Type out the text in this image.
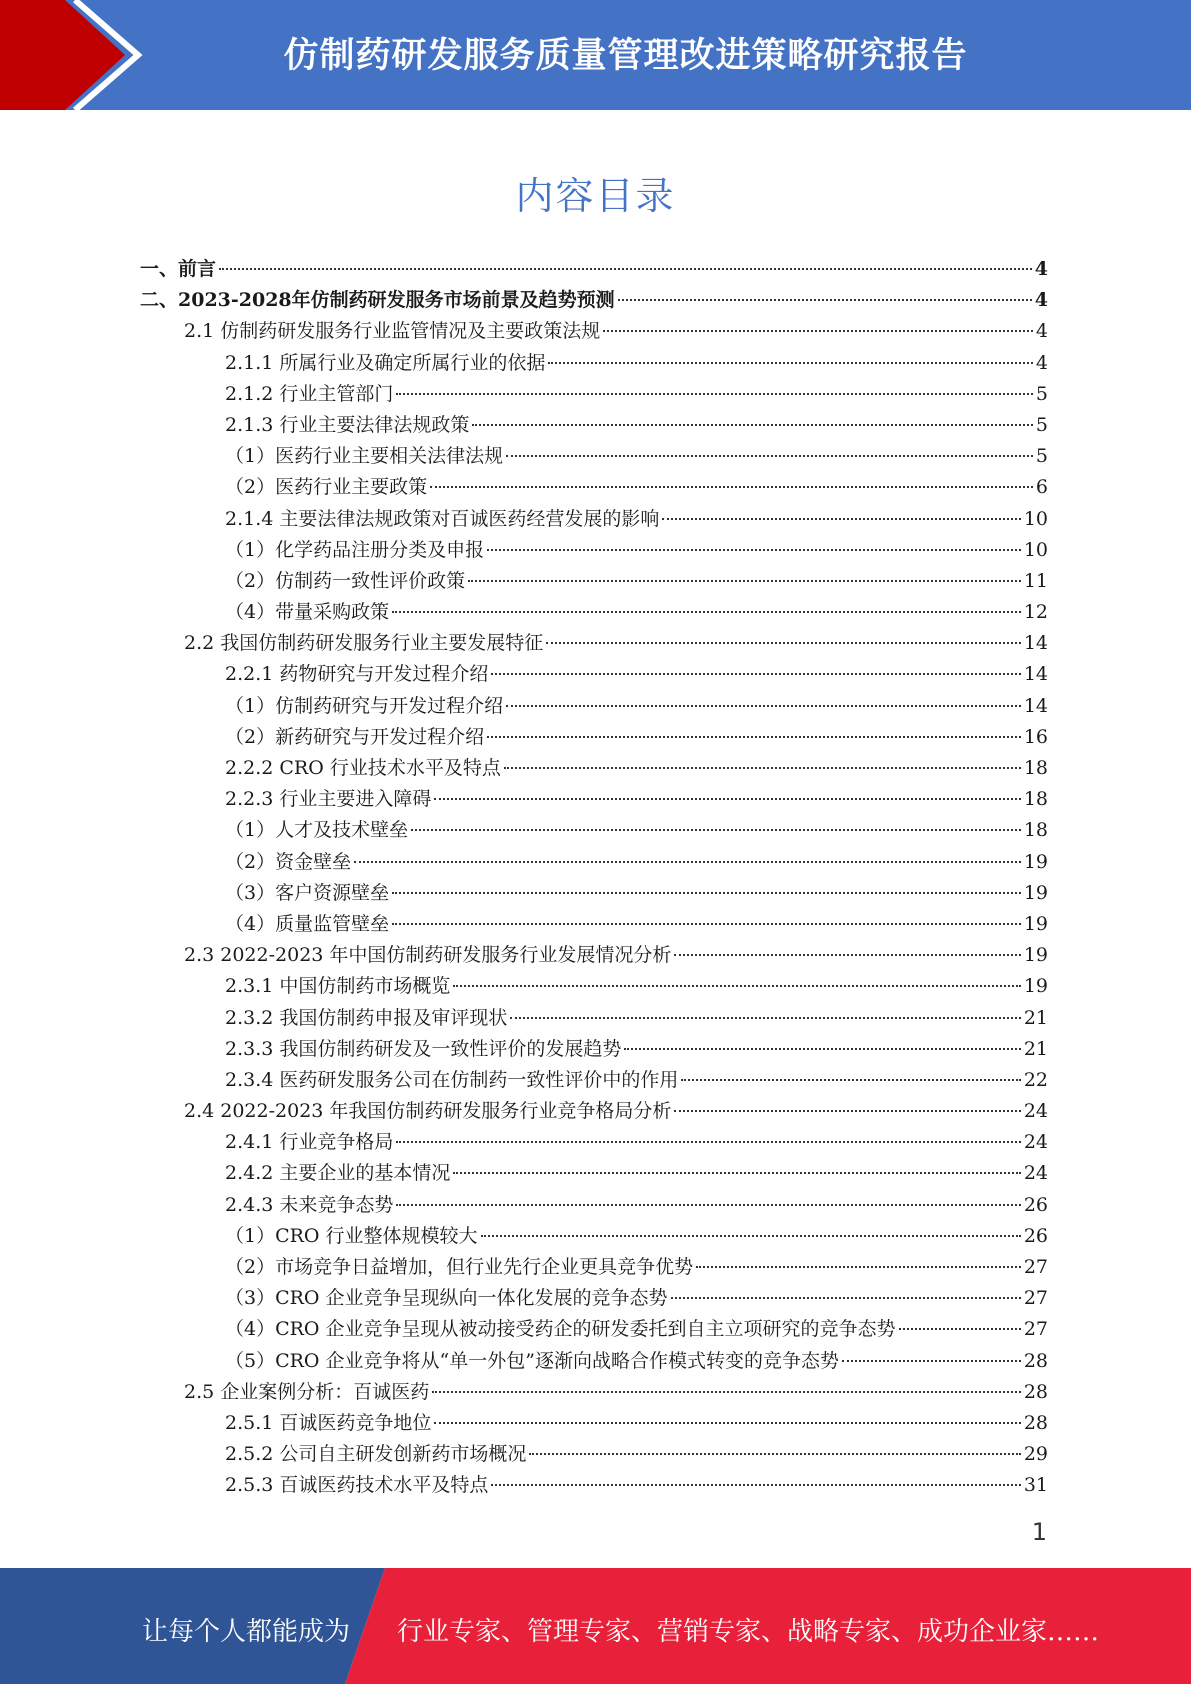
仿制药研发服务质量管理改进策略研究报告
内容目录
一、前言	4
二、2023-2028年仿制药研发服务市场前景及趋势预测	4
2.1 仿制药研发服务行业监管情况及主要政策法规	4
2.1.1 所属行业及确定所属行业的依据	4
2.1.2 行业主管部门	5
2.1.3 行业主要法律法规政策	5
（1）医药行业主要相关法律法规	5
（2）医药行业主要政策	6
2.1.4 主要法律法规政策对百诚医药经营发展的影响	10
（1）化学药品注册分类及申报	10
（2）仿制药一致性评价政策	11
（4）带量采购政策	12
2.2 我国仿制药研发服务行业主要发展特征	14
2.2.1 药物研究与开发过程介绍	14
（1）仿制药研究与开发过程介绍	14
（2）新药研究与开发过程介绍	16
2.2.2 CRO 行业技术水平及特点	18
2.2.3 行业主要进入障碍	18
（1）人才及技术壁垒	18
（2）资金壁垒	19
（3）客户资源壁垒	19
（4）质量监管壁垒	19
2.3 2022-2023 年中国仿制药研发服务行业发展情况分析	19
2.3.1 中国仿制药市场概览	19
2.3.2 我国仿制药申报及审评现状	21
2.3.3 我国仿制药研发及一致性评价的发展趋势	21
2.3.4 医药研发服务公司在仿制药一致性评价中的作用	22
2.4 2022-2023 年我国仿制药研发服务行业竞争格局分析	24
2.4.1 行业竞争格局	24
2.4.2 主要企业的基本情况	24
2.4.3 未来竞争态势	26
（1）CRO 行业整体规模较大	26
（2）市场竞争日益增加，但行业先行企业更具竞争优势	27
（3）CRO 企业竞争呈现纵向一体化发展的竞争态势	27
（4）CRO 企业竞争呈现从被动接受药企的研发委托到自主立项研究的竞争态势	27
（5）CRO 企业竞争将从“单一外包”逐渐向战略合作模式转变的竞争态势	28
2.5 企业案例分析：百诚医药	28
2.5.1 百诚医药竞争地位	28
2.5.2 公司自主研发创新药市场概况	29
2.5.3 百诚医药技术水平及特点	31
1
让每个人都能成为 行业专家、管理专家、营销专家、战略专家、成功企业家……
